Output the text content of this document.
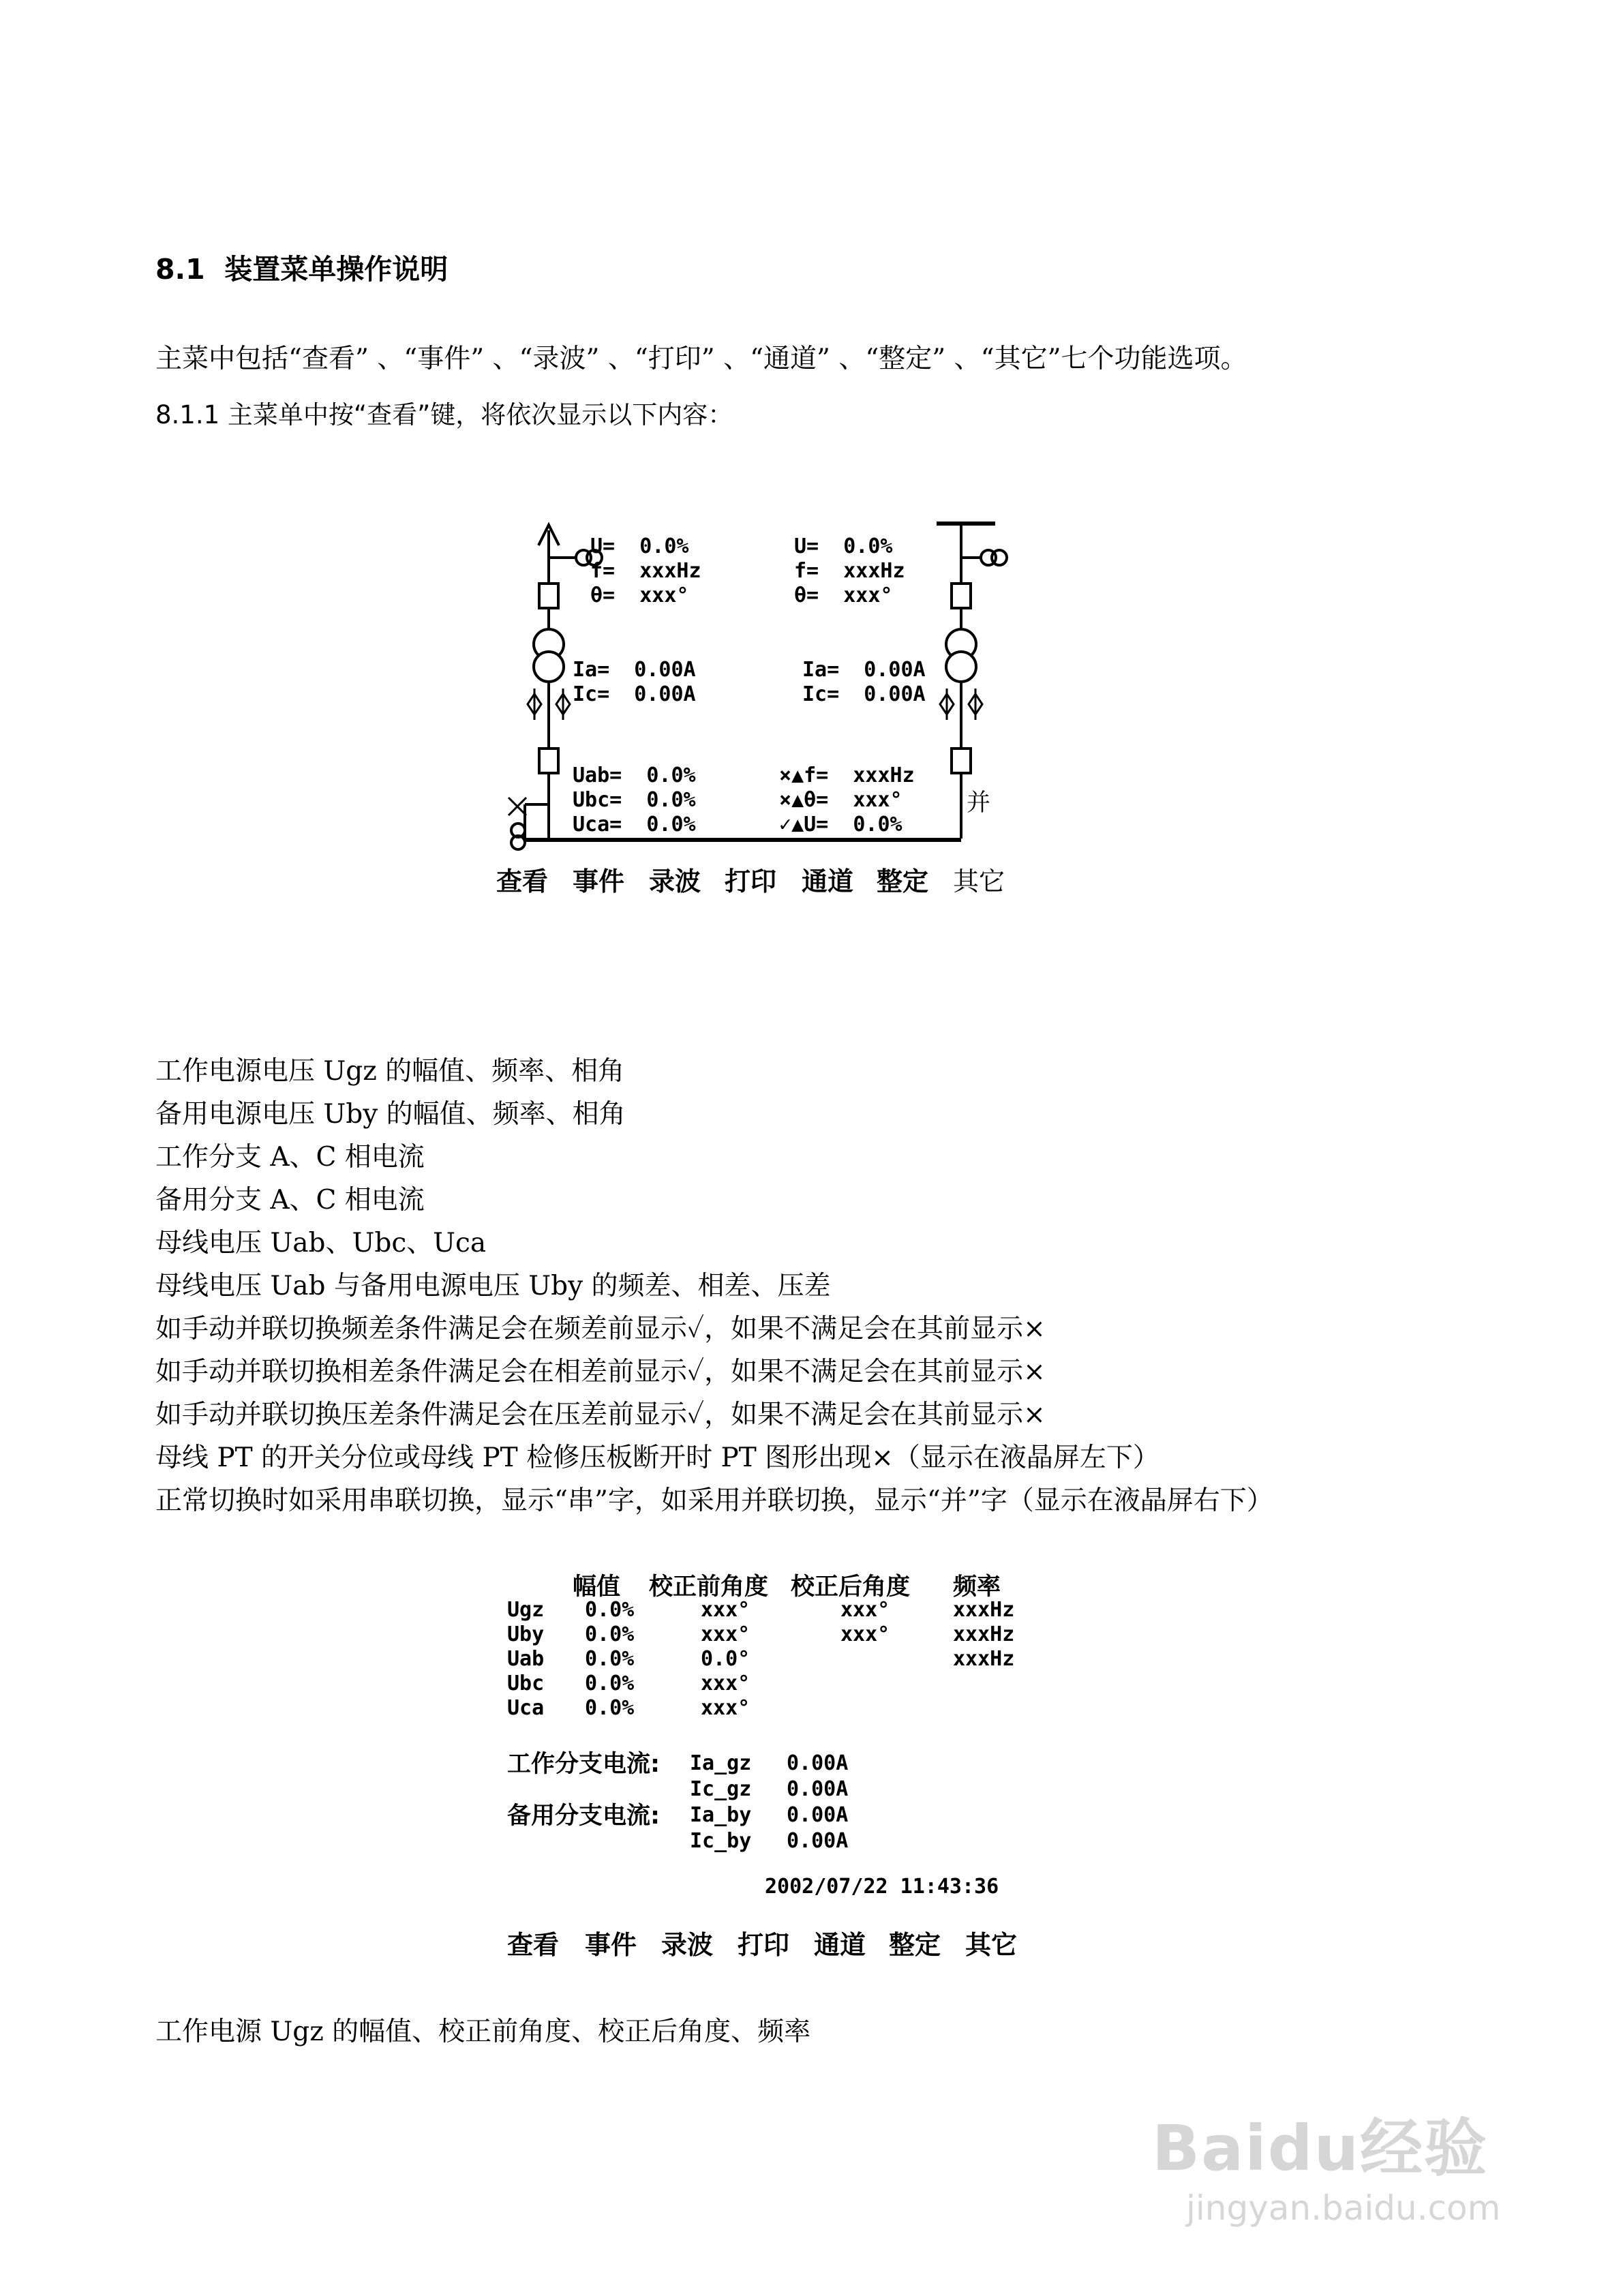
8.1 装置菜单操作说明
主菜中包括“查看” 、“事件” 、“录波” 、“打印” 、“通道” 、“整定” 、“其它”七个功能选项。
8.1.1 主菜单中按“查看”键，将依次显示以下内容：
U=  0.0%
f=  xxxHz
θ=  xxx°
U=  0.0%
f=  xxxHz
θ=  xxx°
Ia=  0.00A
Ic=  0.00A
Ia=  0.00A
Ic=  0.00A
Uab=  0.0%
Ubc=  0.0%
Uca=  0.0%
×▲f=  xxxHz
×▲θ=  xxx°
✓▲U=  0.0%
并
查看 事件 录波 打印 通道 整定 其它
工作电源电压 Ugz 的幅值、频率、相角
备用电源电压 Uby 的幅值、频率、相角
工作分支 A、C 相电流
备用分支 A、C 相电流
母线电压 Uab、Ubc、Uca
母线电压 Uab 与备用电源电压 Uby 的频差、相差、压差
如手动并联切换频差条件满足会在频差前显示✓，如果不满足会在其前显示×
如手动并联切换相差条件满足会在相差前显示✓，如果不满足会在其前显示×
如手动并联切换压差条件满足会在压差前显示✓，如果不满足会在其前显示×
母线 PT 的开关分位或母线 PT 检修压板断开时 PT 图形出现×（显示在液晶屏左下）
正常切换时如采用串联切换，显示“串”字，如采用并联切换，显示“并”字（显示在液晶屏右下）
幅值 校正前角度 校正后角度 频率
Ugz
Uby
Uab
Ubc
Uca
0.0%
0.0%
0.0%
0.0%
0.0%
xxx°
xxx°
0.0°
xxx°
xxx°
xxx°
xxx°
xxxHz
xxxHz
xxxHz
工作分支电流:
备用分支电流:
Ia_gz
Ic_gz
Ia_by
Ic_by
0.00A
0.00A
0.00A
0.00A
2002/07/22 11:43:36
查看 事件 录波 打印 通道 整定 其它
工作电源 Ugz 的幅值、校正前角度、校正后角度、频率
Baidu经验
jingyan.baidu.com
